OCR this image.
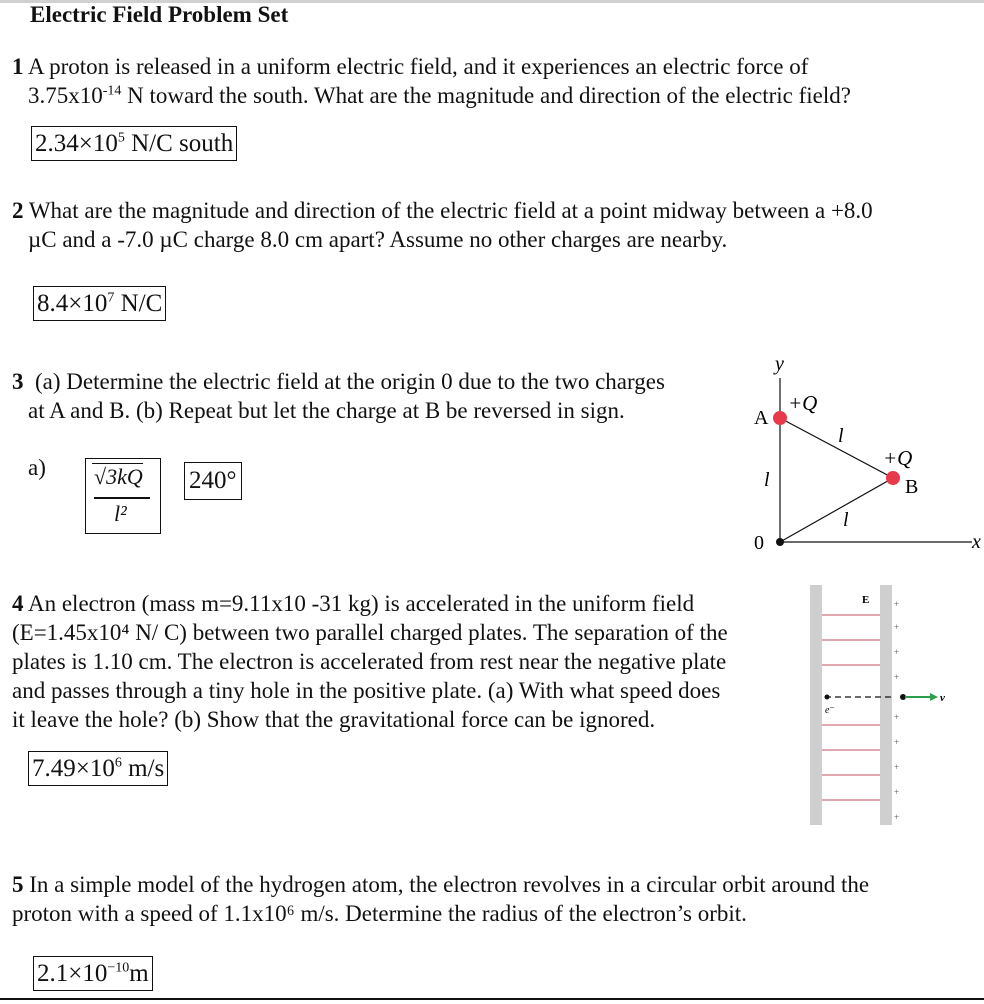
Electric Field Problem Set
1 A proton is released in a uniform electric field, and it experiences an electric force of
$3.75x10^{-14}$ N toward the south. What are the magnitude and direction of the electric field?
$2.34\times 10^5$ N/C south
2 What are the magnitude and direction of the electric field at a point midway between a +8.0
µC and a -7.0 µC charge 8.0 cm apart? Assume no other charges are nearby.
$8.4\times 10^7$ N/C
3 (a) Determine the electric field at the origin 0 due to the two charges
at A and B. (b) Repeat but let the charge at B be reversed in sign.
a) √3kQ
l²
240°
y
x
A
+Q
+Q
B
0
l
l
l
4 An electron (mass m=9.11x10 -31 kg) is accelerated in the uniform field
(E=1.45x10⁴ N/ C) between two parallel charged plates. The separation of the
plates is 1.10 cm. The electron is accelerated from rest near the negative plate
and passes through a tiny hole in the positive plate. (a) With what speed does
it leave the hole? (b) Show that the gravitational force can be ignored.
$7.49\times 10^6$ m/s
E
v
e⁻
+
+
+
+
+
+
+
+
+
5 In a simple model of the hydrogen atom, the electron revolves in a circular orbit around the
proton with a speed of 1.1x10⁶ m/s. Determine the radius of the electron’s orbit.
$2.1\times 10^{-10}m$
